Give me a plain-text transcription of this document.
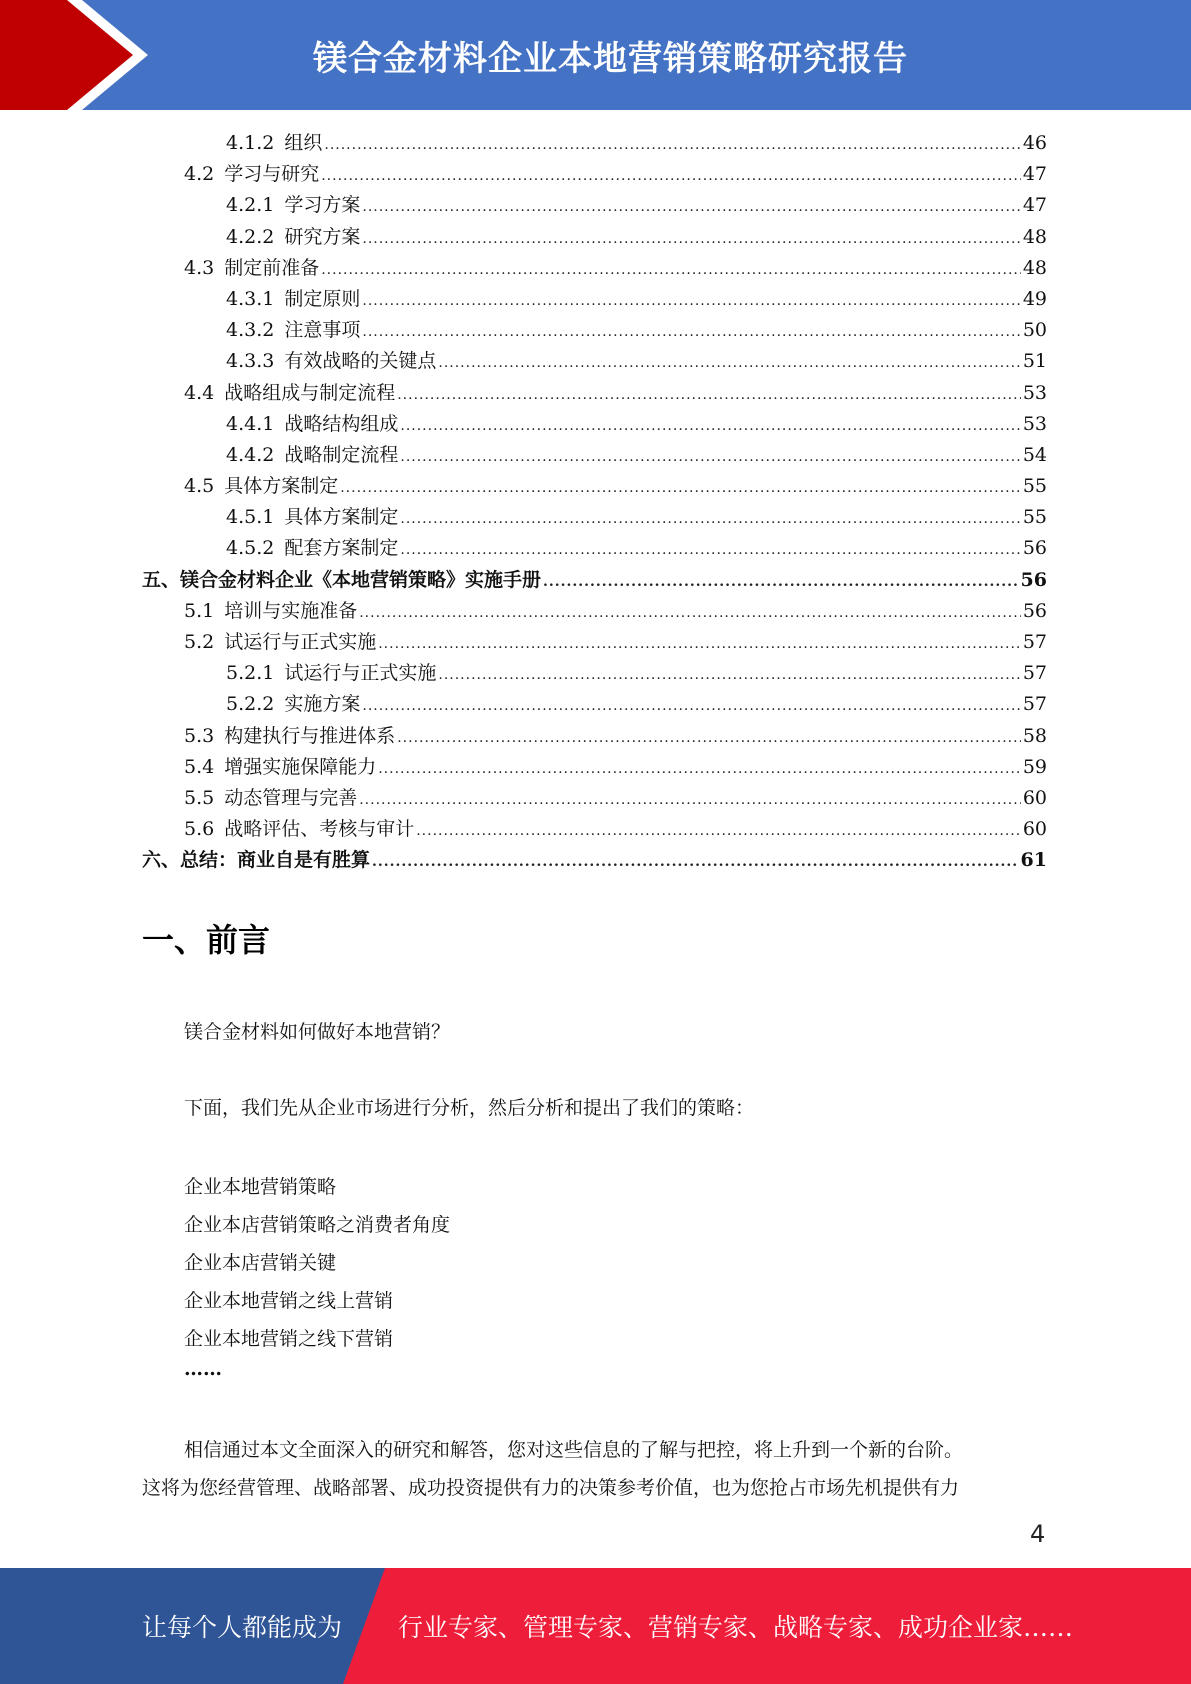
镁合金材料企业本地营销策略研究报告
4.1.2 组织 .....	46
4.2 学习与研究 .....	47
4.2.1 学习方案 .....	47
4.2.2 研究方案 .....	48
4.3 制定前准备 .....	48
4.3.1 制定原则 .....	49
4.3.2 注意事项 .....	50
4.3.3 有效战略的关键点 .....	51
4.4 战略组成与制定流程 .....	53
4.4.1 战略结构组成 .....	53
4.4.2 战略制定流程 .....	54
4.5 具体方案制定 .....	55
4.5.1 具体方案制定 .....	55
4.5.2 配套方案制定 .....	56
五、 镁合金材料企业《本地营销策略》实施手册 .....	56
5.1 培训与实施准备 .....	56
5.2 试运行与正式实施 .....	57
5.2.1 试运行与正式实施 .....	57
5.2.2 实施方案 .....	57
5.3 构建执行与推进体系 .....	58
5.4 增强实施保障能力 .....	59
5.5 动态管理与完善 .....	60
5.6 战略评估、考核与审计 .....	60
六、 总结：商业自是有胜算 .....	61
一、前言
镁合金材料如何做好本地营销？
下面，我们先从企业市场进行分析，然后分析和提出了我们的策略：
企业本地营销策略
企业本店营销策略之消费者角度
企业本店营销关键
企业本地营销之线上营销
企业本地营销之线下营销
……
相信通过本文全面深入的研究和解答，您对这些信息的了解与把控，将上升到一个新的台阶。
这将为您经营管理、战略部署、成功投资提供有力的决策参考价值，也为您抢占市场先机提供有力
4
让每个人都能成为 行业专家、管理专家、营销专家、战略专家、成功企业家……
